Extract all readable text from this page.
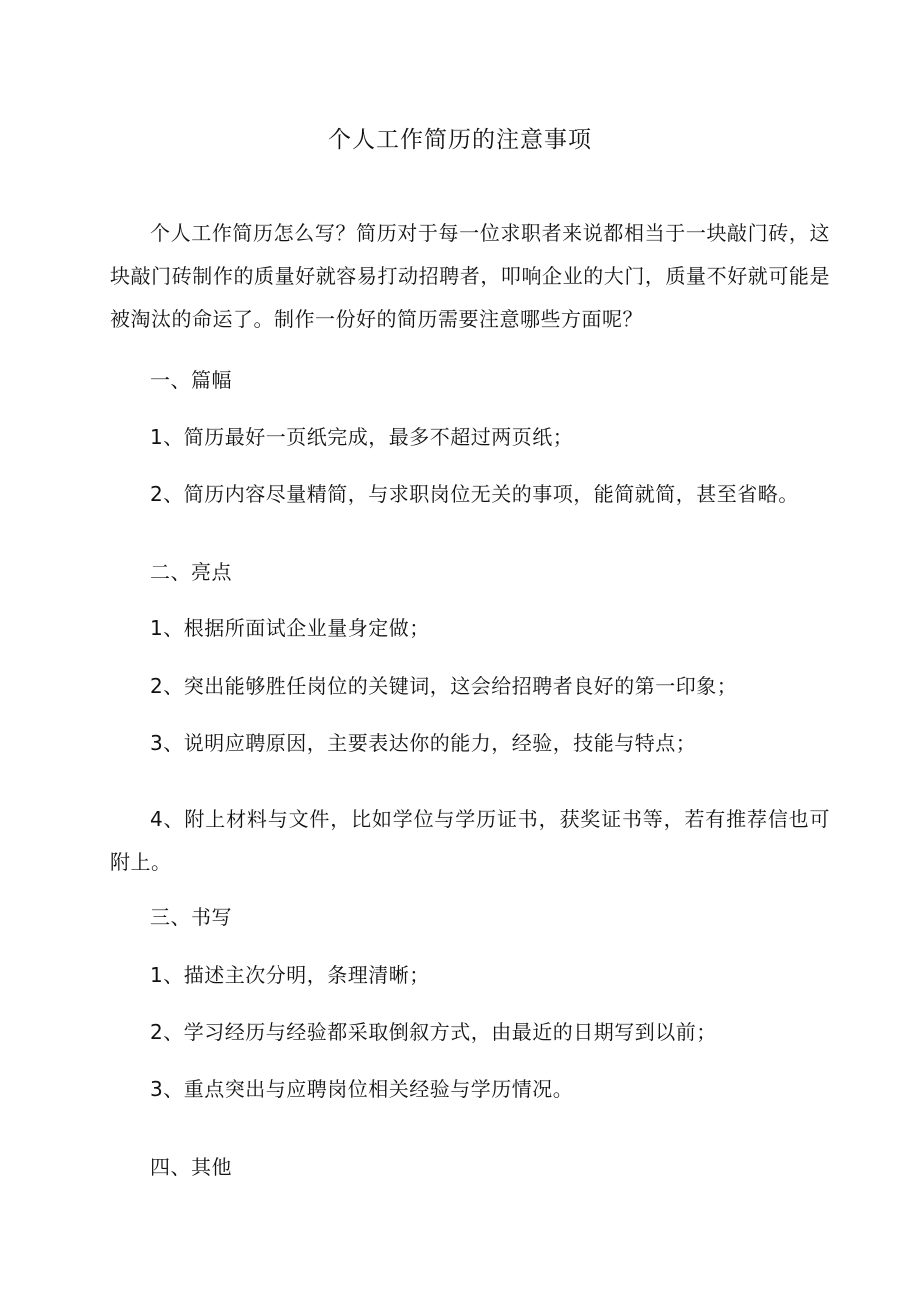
个人工作简历的注意事项

个人工作简历怎么写？简历对于每一位求职者来说都相当于一块敲门砖，这块敲门砖制作的质量好就容易打动招聘者，叩响企业的大门，质量不好就可能是被淘汰的命运了。制作一份好的简历需要注意哪些方面呢？

一、篇幅

1、简历最好一页纸完成，最多不超过两页纸；

2、简历内容尽量精简，与求职岗位无关的事项，能简就简，甚至省略。

二、亮点

1、根据所面试企业量身定做；

2、突出能够胜任岗位的关键词，这会给招聘者良好的第一印象；

3、说明应聘原因，主要表达你的能力，经验，技能与特点；

4、附上材料与文件，比如学位与学历证书，获奖证书等，若有推荐信也可附上。

三、书写

1、描述主次分明，条理清晰；

2、学习经历与经验都采取倒叙方式，由最近的日期写到以前；

3、重点突出与应聘岗位相关经验与学历情况。

四、其他
